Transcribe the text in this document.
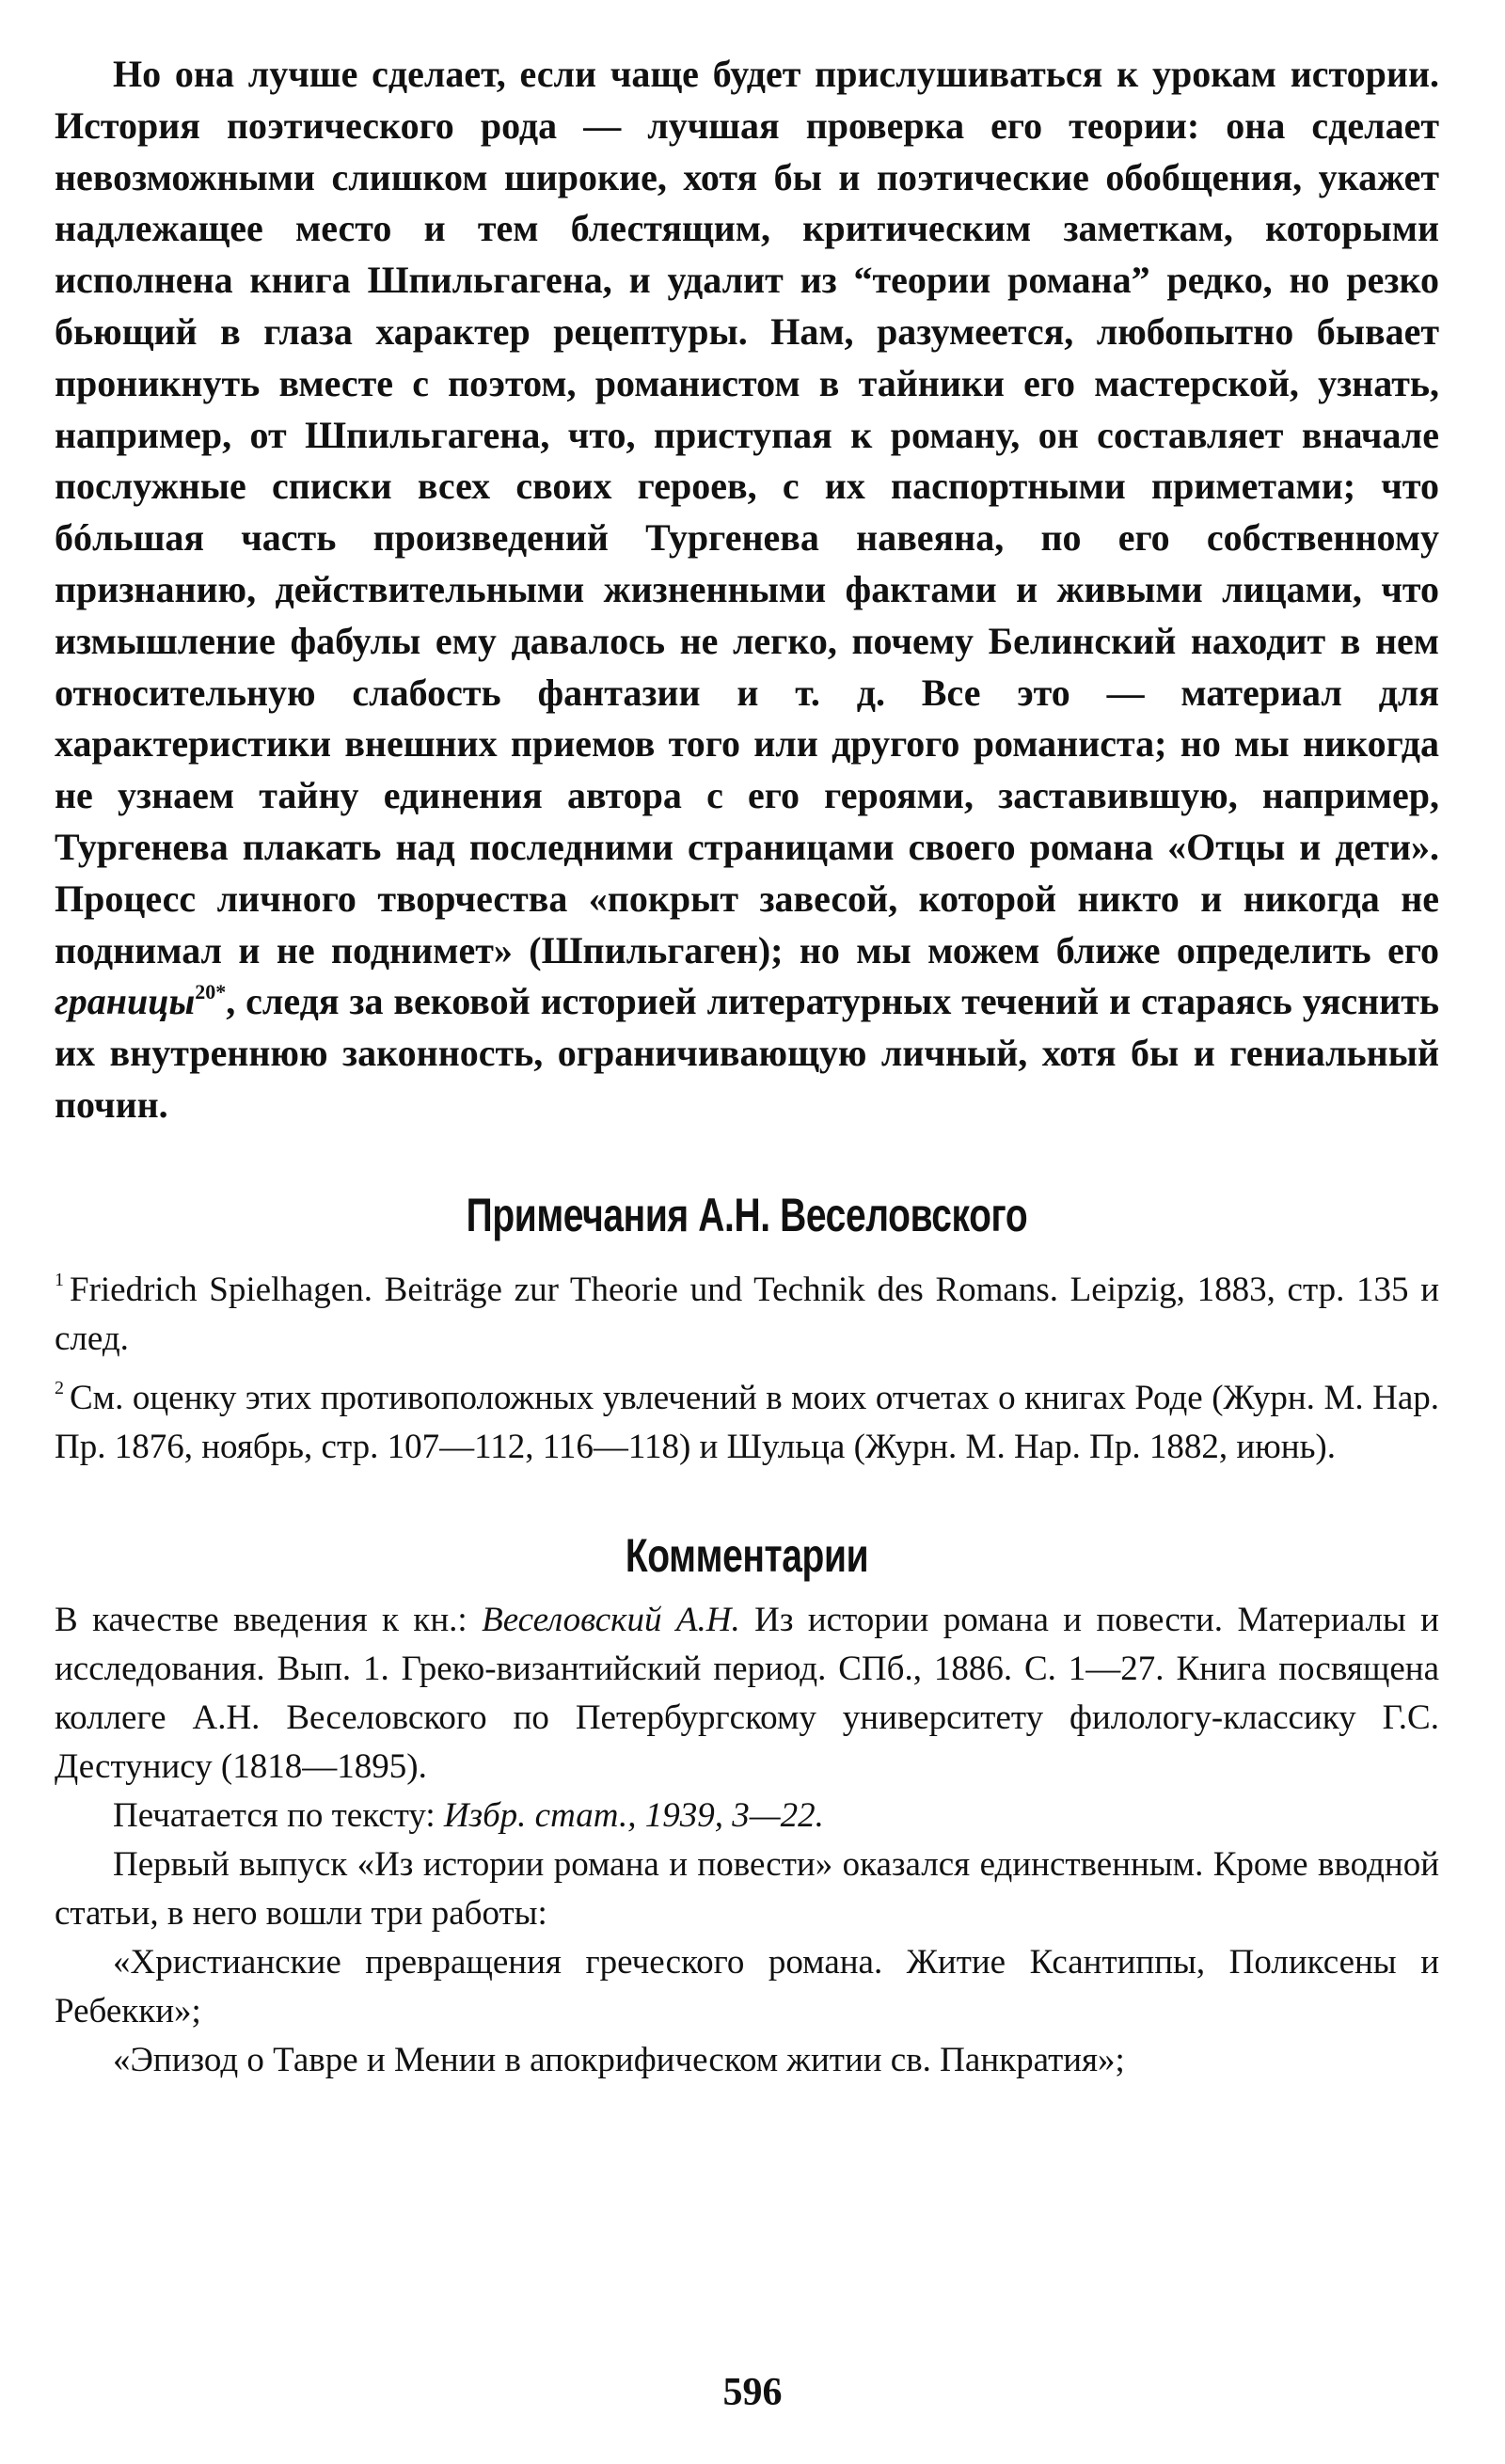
Но она лучше сделает, если чаще будет прислушиваться к урокам истории. История поэтического рода — лучшая проверка его теории: она сделает невозможными слишком широкие, хотя бы и поэтические обобщения, укажет надлежащее место и тем блестящим, критическим заметкам, которыми исполнена книга Шпильгагена, и удалит из “теории романа” редко, но резко бьющий в глаза характер рецептуры. Нам, разумеется, любопытно бывает проникнуть вместе с поэтом, романистом в тайники его мастерской, узнать, например, от Шпильгагена, что, приступая к роману, он составляет вначале послужные списки всех своих героев, с их паспортными приметами; что бóльшая часть произведений Тургенева навеяна, по его собственному признанию, действительными жизненными фактами и живыми лицами, что измышление фабулы ему давалось не легко, почему Белинский находит в нем относительную слабость фантазии и т. д. Все это — материал для характеристики внешних приемов того или другого романиста; но мы никогда не узнаем тайну единения автора с его героями, заставившую, например, Тургенева плакать над последними страницами своего романа «Отцы и дети». Процесс личного творчества «покрыт завесой, которой никто и никогда не поднимал и не поднимет» (Шпильгаген); но мы можем ближе определить его границы$^{20*}$, следя за вековой историей литературных течений и стараясь уяснить их внутреннюю законность, ограничивающую личный, хотя бы и гениальный почин.

Примечания А.Н. Веселовского

$^1$ Friedrich Spielhagen. Beiträge zur Theorie und Technik des Romans. Leipzig, 1883, стр. 135 и след.

$^2$ См. оценку этих противоположных увлечений в моих отчетах о книгах Роде (Журн. М. Нар. Пр. 1876, ноябрь, стр. 107—112, 116—118) и Шульца (Журн. М. Нар. Пр. 1882, июнь).

Комментарии

В качестве введения к кн.: Веселовский А.Н. Из истории романа и повести. Материалы и исследования. Вып. 1. Греко-византийский период. СПб., 1886. С. 1—27. Книга посвящена коллеге А.Н. Веселовского по Петербургскому университету филологу-классику Г.С. Дестунису (1818—1895).

Печатается по тексту: Избр. стат., 1939, 3—22.

Первый выпуск «Из истории романа и повести» оказался единственным. Кроме вводной статьи, в него вошли три работы:

«Христианские превращения греческого романа. Житие Ксантиппы, Поликсены и Ребекки»;

«Эпизод о Тавре и Мении в апокрифическом житии св. Панкратия»;

596
